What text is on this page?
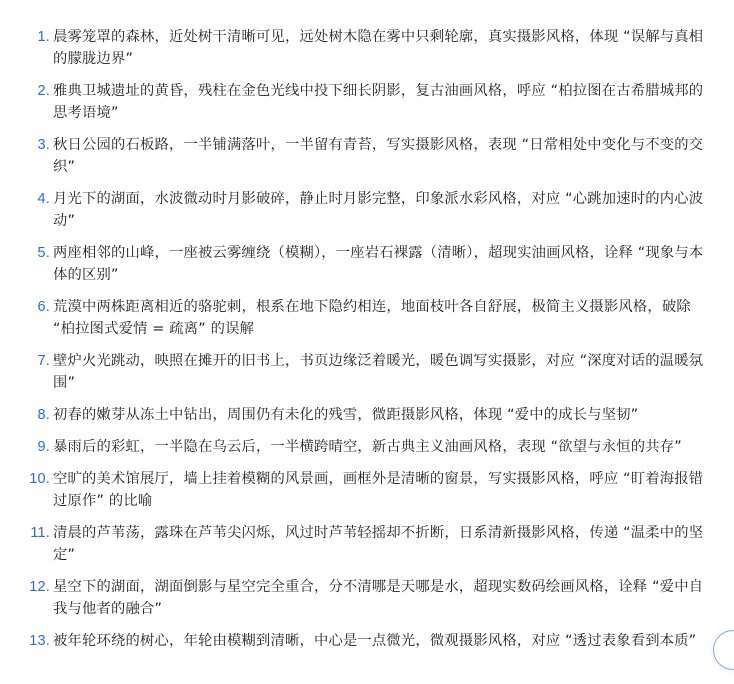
1. 晨雾笼罩的森林，近处树干清晰可见，远处树木隐在雾中只剩轮廓，真实摄影风格，体现 “误解与真相的朦胧边界”
2. 雅典卫城遗址的黄昏，残柱在金色光线中投下细长阴影，复古油画风格，呼应 “柏拉图在古希腊城邦的思考语境”
3. 秋日公园的石板路，一半铺满落叶，一半留有青苔，写实摄影风格，表现 “日常相处中变化与不变的交织”
4. 月光下的湖面，水波微动时月影破碎，静止时月影完整，印象派水彩风格，对应 “心跳加速时的内心波动”
5. 两座相邻的山峰，一座被云雾缠绕（模糊），一座岩石裸露（清晰），超现实油画风格，诠释 “现象与本体的区别”
6. 荒漠中两株距离相近的骆驼刺，根系在地下隐约相连，地面枝叶各自舒展，极简主义摄影风格，破除 “柏拉图式爱情 = 疏离” 的误解
7. 壁炉火光跳动，映照在摊开的旧书上，书页边缘泛着暖光，暖色调写实摄影，对应 “深度对话的温暖氛围”
8. 初春的嫩芽从冻土中钻出，周围仍有未化的残雪，微距摄影风格，体现 “爱中的成长与坚韧”
9. 暴雨后的彩虹，一半隐在乌云后，一半横跨晴空，新古典主义油画风格，表现 “欲望与永恒的共存”
10. 空旷的美术馆展厅，墙上挂着模糊的风景画，画框外是清晰的窗景，写实摄影风格，呼应 “盯着海报错过原作” 的比喻
11. 清晨的芦苇荡，露珠在芦苇尖闪烁，风过时芦苇轻摇却不折断，日系清新摄影风格，传递 “温柔中的坚定”
12. 星空下的湖面，湖面倒影与星空完全重合，分不清哪是天哪是水，超现实数码绘画风格，诠释 “爱中自我与他者的融合”
13. 被年轮环绕的树心，年轮由模糊到清晰，中心是一点微光，微观摄影风格，对应 “透过表象看到本质”
